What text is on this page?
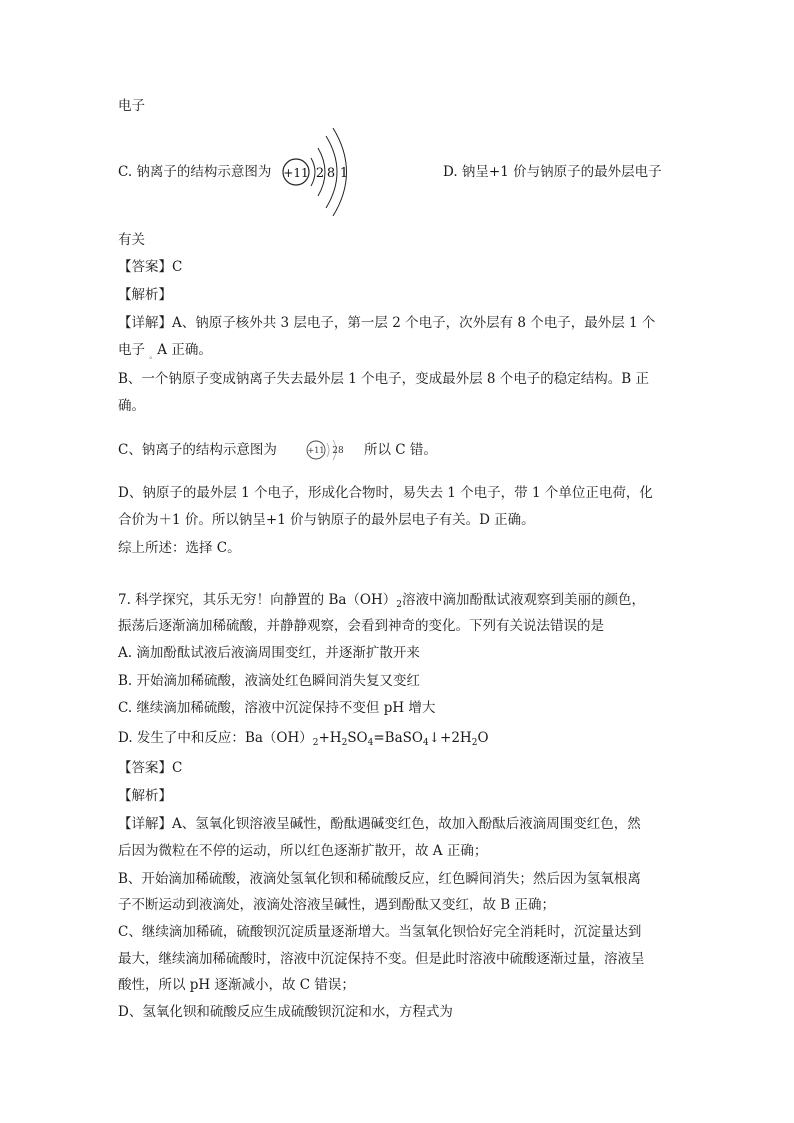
电子
C. 钠离子的结构示意图为 +11 2 8 1	D. 钠呈+1 价与钠原子的最外层电子
有关
【答案】C
【解析】
【详解】A、钠原子核外共 3 层电子，第一层 2 个电子，次外层有 8 个电子，最外层 1 个
电子 $_。$A 正确。
B、一个钠原子变成钠离子失去最外层 1 个电子，变成最外层 8 个电子的稳定结构。B 正
确。
C、钠离子的结构示意图为	+11 28 所以 C 错。
D、钠原子的最外层 1 个电子，形成化合物时，易失去 1 个电子，带 1 个单位正电荷，化
合价为＋1 价。所以钠呈+1 价与钠原子的最外层电子有关。D 正确。
综上所述：选择 C。
7. 科学探究，其乐无穷！向静置的 $Ba(OH)_2$溶液中滴加酚酞试液观察到美丽的颜色，
振荡后逐渐滴加稀硫酸，并静静观察，会看到神奇的变化。下列有关说法错误的是
A. 滴加酚酞试液后液滴周围变红，并逐渐扩散开来
B. 开始滴加稀硫酸，液滴处红色瞬间消失复又变红
C. 继续滴加稀硫酸，溶液中沉淀保持不变但 pH 增大
D. 发生了中和反应：$Ba(OH)_2+H_2SO_4=BaSO_4↓+2H_2O$
【答案】C
【解析】
【详解】A、氢氧化钡溶液呈碱性，酚酞遇碱变红色，故加入酚酞后液滴周围变红色，然
后因为微粒在不停的运动，所以红色逐渐扩散开，故 A 正确；
B、开始滴加稀硫酸，液滴处氢氧化钡和稀硫酸反应，红色瞬间消失；然后因为氢氧根离
子不断运动到液滴处，液滴处溶液呈碱性，遇到酚酞又变红，故 B 正确；
C、继续滴加稀硫，硫酸钡沉淀质量逐渐增大。当氢氧化钡恰好完全消耗时，沉淀量达到
最大，继续滴加稀硫酸时，溶液中沉淀保持不变。但是此时溶液中硫酸逐渐过量，溶液呈
酸性，所以 pH 逐渐减小，故 C 错误；
D、氢氧化钡和硫酸反应生成硫酸钡沉淀和水，方程式为
